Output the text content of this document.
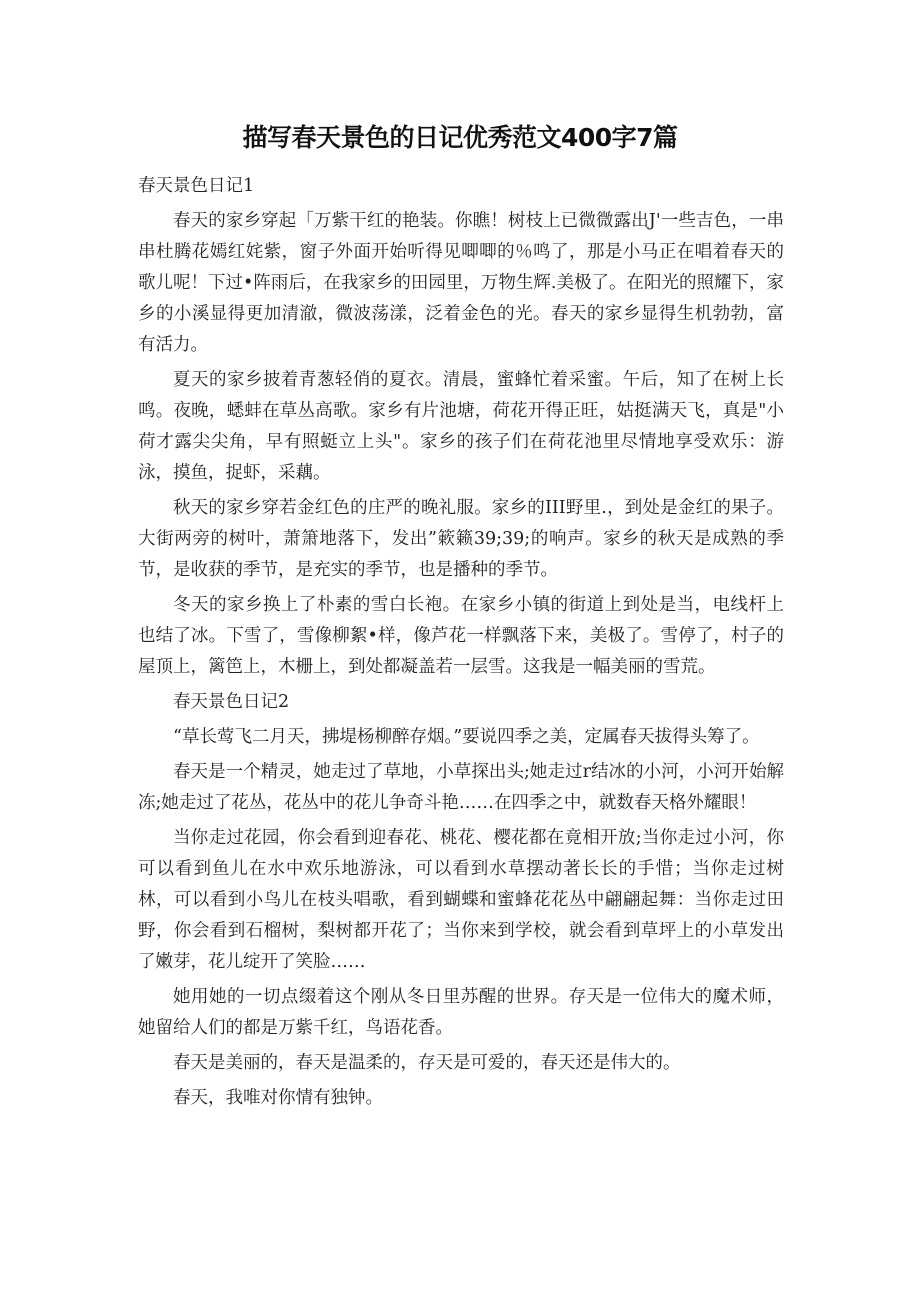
描写春天景色的日记优秀范文400字7篇

春天景色日记1

春天的家乡穿起「万紫干红的艳装。你瞧！树枝上已微微露出J'一些吉色，一串串杜腾花嫣红姹紫，窗子外面开始听得见唧唧的％鸣了，那是小马正在唱着春天的歌儿呢！下过•阵雨后，在我家乡的田园里，万物生辉.美极了。在阳光的照耀下，家乡的小溪显得更加清澈，微波荡漾，泛着金色的光。春天的家乡显得生机勃勃，富有活力。

夏天的家乡披着青葱轻俏的夏衣。清晨，蜜蜂忙着采蜜。午后，知了在树上长鸣。夜晚，蟋蚌在草丛高歌。家乡有片池塘，荷花开得正旺，姑挺满天飞，真是"小荷才露尖尖角，早有照蜓立上头"。家乡的孩子们在荷花池里尽情地享受欢乐：游泳，摸鱼，捉虾，采藕。

秋天的家乡穿若金红色的庄严的晚礼服。家乡的III野里.，到处是金红的果子。大街两旁的树叶，萧箫地落下，发出”簌籁39;39;的响声。家乡的秋天是成熟的季节，是收获的季节，是充实的季节，也是播种的季节。

冬天的家乡换上了朴素的雪白长袍。在家乡小镇的街道上到处是当，电线杆上也结了冰。下雪了，雪像柳絮•样，像芦花一样飘落下来，美极了。雪停了，村子的屋顶上，篱笆上，木栅上，到处都凝盖若一层雪。这我是一幅美丽的雪荒。

春天景色日记2

“草长莺飞二月天，拂堤杨柳醉存烟。”要说四季之美，定属春天拔得头筹了。

春天是一个精灵，她走过了草地，小草探出头;她走过r结冰的小河，小河开始解冻;她走过了花丛，花丛中的花儿争奇斗艳……在四季之中，就数春天格外耀眼！

当你走过花园，你会看到迎春花、桃花、樱花都在竟相开放;当你走过小河，你可以看到鱼儿在水中欢乐地游泳，可以看到水草摆动著长长的手惜；当你走过树林，可以看到小鸟儿在枝头唱歌，看到蝴蝶和蜜蜂花花丛中翩翩起舞：当你走过田野，你会看到石榴树，梨树都开花了；当你来到学校，就会看到草坪上的小草发出了嫩芽，花儿绽开了笑脸……

她用她的一切点缀着这个刚从冬日里苏醒的世界。存天是一位伟大的魔术师，她留给人们的都是万紫千红，鸟语花香。

春天是美丽的，春天是温柔的，存天是可爱的，春天还是伟大的。

春天，我唯对你情有独钟。
